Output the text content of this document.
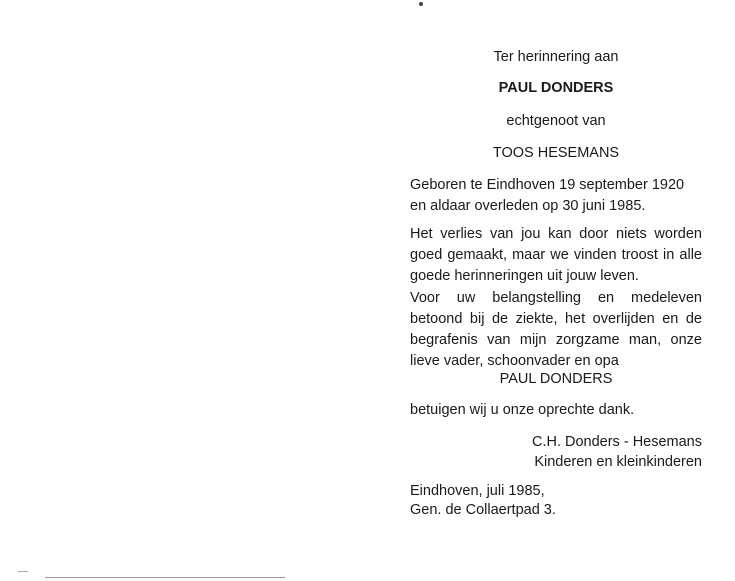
Ter herinnering aan
PAUL DONDERS
echtgenoot van
TOOS HESEMANS
Geboren te Eindhoven 19 september 1920
en aldaar overleden op 30 juni 1985.
Het verlies van jou kan door niets worden
goed gemaakt, maar we vinden troost in alle
goede herinneringen uit jouw leven.
Voor uw belangstelling en medeleven
betoond bij de ziekte, het overlijden en de
begrafenis van mijn zorgzame man, onze
lieve vader, schoonvader en opa
PAUL DONDERS
betuigen wij u onze oprechte dank.
C.H. Donders - Hesemans
Kinderen en kleinkinderen
Eindhoven, juli 1985,
Gen. de Collaertpad 3.
